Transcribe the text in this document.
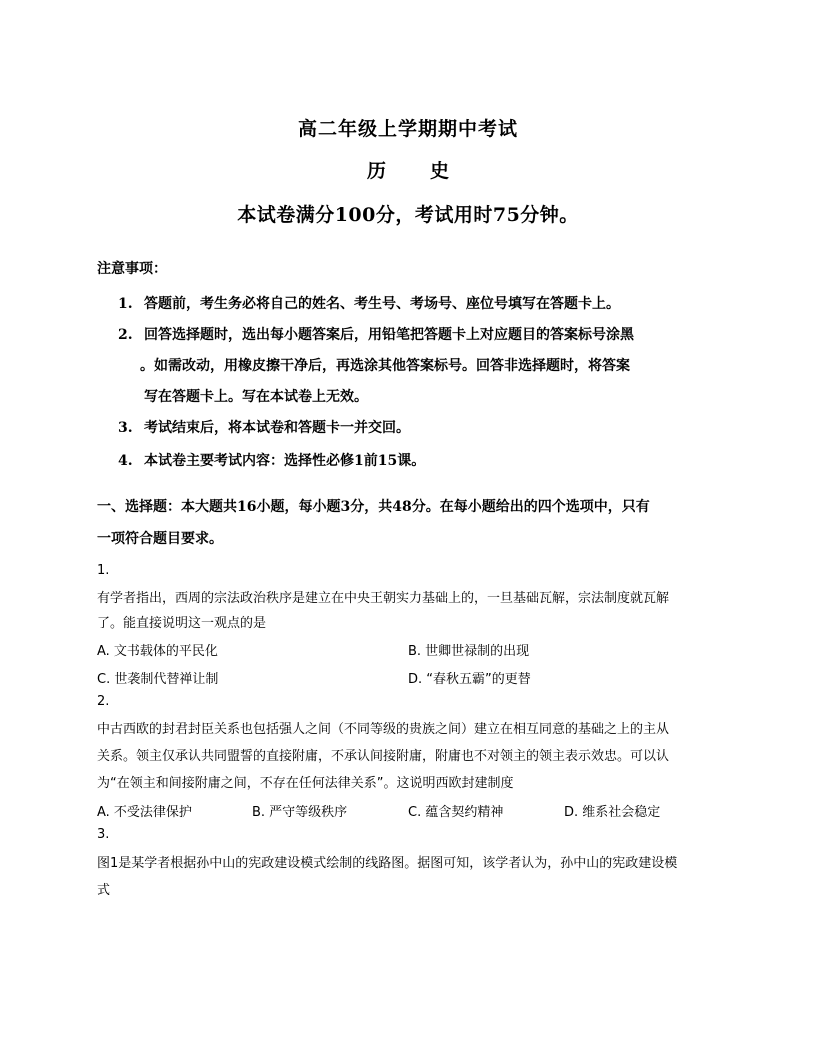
高二年级上学期期中考试
历 史
本试卷满分100分，考试用时75分钟。
注意事项：
1. 答题前，考生务必将自己的姓名、考生号、考场号、座位号填写在答题卡上。
2. 回答选择题时，选出每小题答案后，用铅笔把答题卡上对应题目的答案标号涂黑
。如需改动，用橡皮擦干净后，再选涂其他答案标号。回答非选择题时，将答案
写在答题卡上。写在本试卷上无效。
3. 考试结束后，将本试卷和答题卡一并交回。
4. 本试卷主要考试内容：选择性必修1前15课。
一、选择题：本大题共16小题，每小题3分，共48分。在每小题给出的四个选项中，只有
一项符合题目要求。
1.
有学者指出，西周的宗法政治秩序是建立在中央王朝实力基础上的，一旦基础瓦解，宗法制度就瓦解
了。能直接说明这一观点的是
A. 文书载体的平民化	B. 世卿世禄制的出现
C. 世袭制代替禅让制	D. “春秋五霸”的更替
2.
中古西欧的封君封臣关系也包括强人之间（不同等级的贵族之间）建立在相互同意的基础之上的主从
关系。领主仅承认共同盟誓的直接附庸，不承认间接附庸，附庸也不对领主的领主表示效忠。可以认
为“在领主和间接附庸之间，不存在任何法律关系”。这说明西欧封建制度
A. 不受法律保护	B. 严守等级秩序	C. 蕴含契约精神	D. 维系社会稳定
3.
图1是某学者根据孙中山的宪政建设模式绘制的线路图。据图可知，该学者认为，孙中山的宪政建设模
式
